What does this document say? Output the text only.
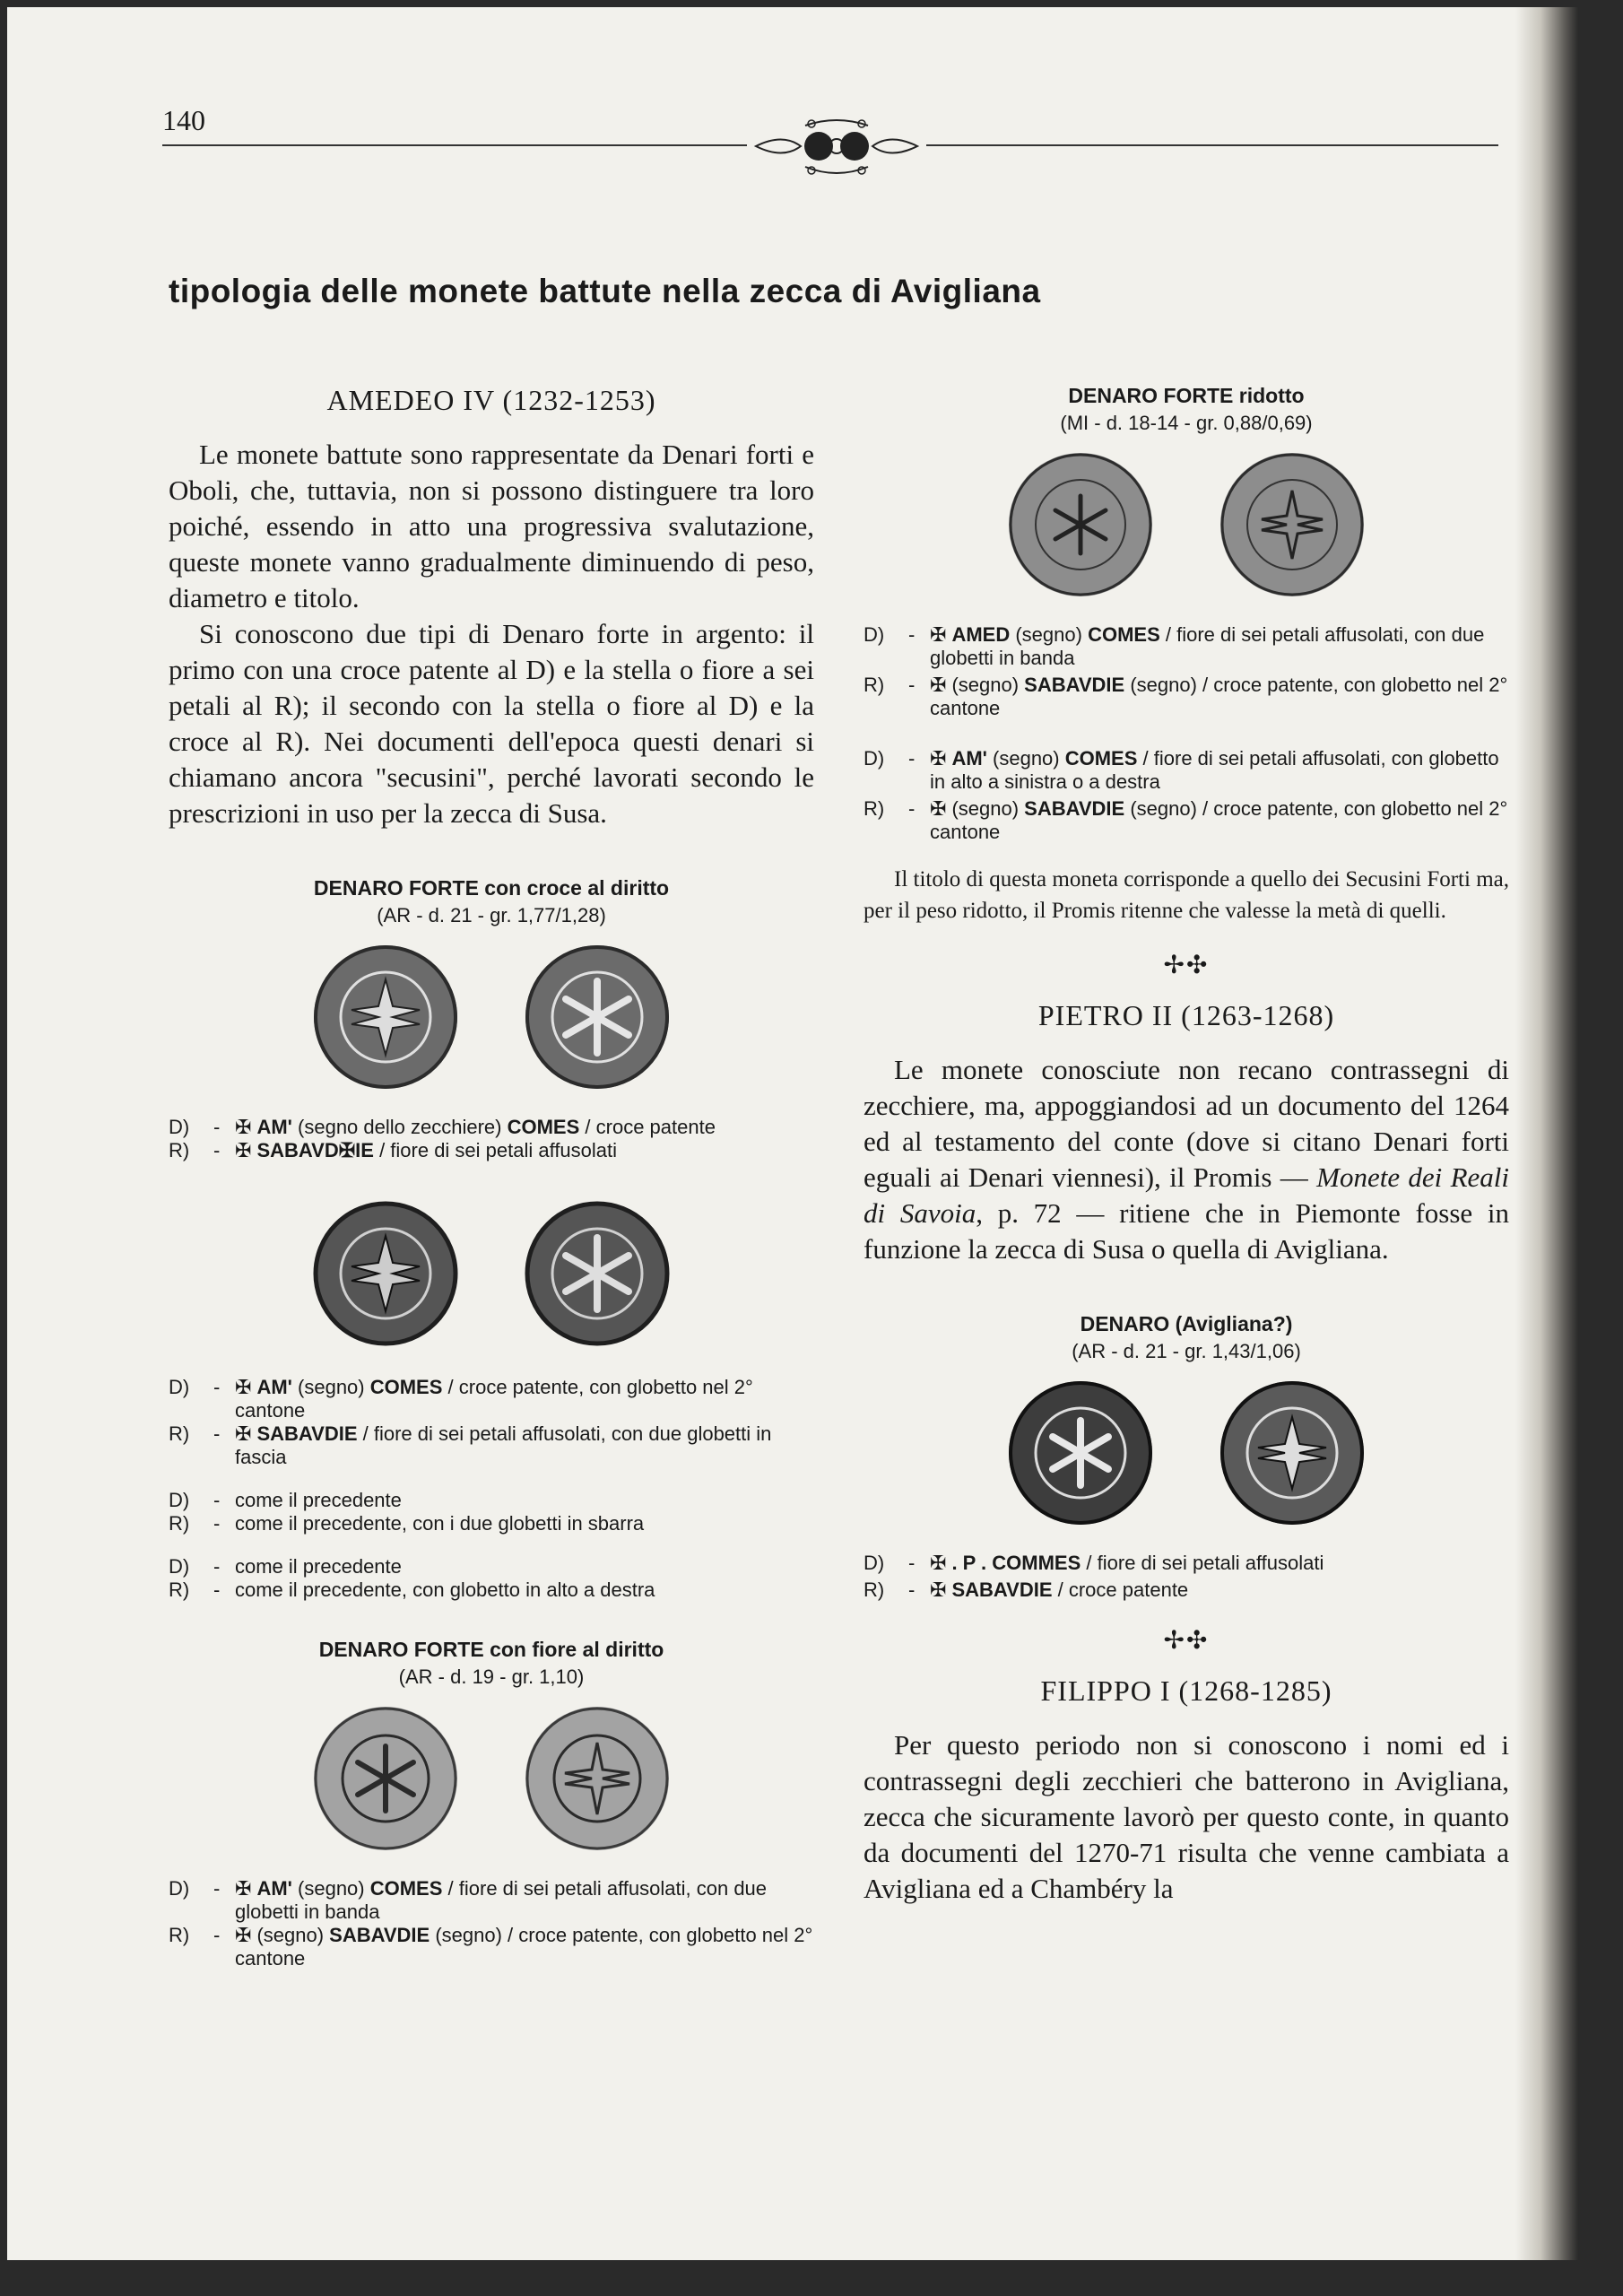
140
tipologia delle monete battute nella zecca di Avigliana

AMEDEO IV (1232-1253)

Le monete battute sono rappresentate da Denari forti e Oboli, che, tuttavia, non si possono distinguere tra loro poiché, essendo in atto una progressiva svalutazione, queste monete vanno gradualmente diminuendo di peso, diametro e titolo.

Si conoscono due tipi di Denaro forte in argento: il primo con una croce patente al D) e la stella o fiore a sei petali al R); il secondo con la stella o fiore al D) e la croce al R). Nei documenti dell'epoca questi denari si chiamano ancora "secusini", perché lavorati secondo le prescrizioni in uso per la zecca di Susa.

DENARO FORTE con croce al diritto

(AR - d. 21 - gr. 1,77/1,28)

D)	- ✠ AM' (segno dello zecchiere) COMES / croce patente
R)	- ✠ SABAVD✠IE / fiore di sei petali affusolati
D)	- ✠ AM' (segno) COMES / croce patente, con globetto nel 2° cantone
R)	- ✠ SABAVDIE / fiore di sei petali affusolati, con due globetti in fascia
D)	- come il precedente
R)	- come il precedente, con i due globetti in sbarra
D)	- come il precedente
R)	- come il precedente, con globetto in alto a destra

DENARO FORTE con fiore al diritto

(AR - d. 19 - gr. 1,10)

D)	- ✠ AM' (segno) COMES / fiore di sei petali affusolati, con due globetti in banda
R)	- ✠ (segno) SABAVDIE (segno) / croce patente, con globetto nel 2° cantone

DENARO FORTE ridotto

(MI - d. 18-14 - gr. 0,88/0,69)

D)	- ✠ AMED (segno) COMES / fiore di sei petali affusolati, con due globetti in banda
R)	- ✠ (segno) SABAVDIE (segno) / croce patente, con globetto nel 2° cantone
D)	- ✠ AM' (segno) COMES / fiore di sei petali affusolati, con globetto in alto a sinistra o a destra
R)	- ✠ (segno) SABAVDIE (segno) / croce patente, con globetto nel 2° cantone

Il titolo di questa moneta corrisponde a quello dei Secusini Forti ma, per il peso ridotto, il Promis ritenne che valesse la metà di quelli.

✢✣

PIETRO II (1263-1268)

Le monete conosciute non recano contrassegni di zecchiere, ma, appoggiandosi ad un documento del 1264 ed al testamento del conte (dove si citano Denari forti eguali ai Denari viennesi), il Promis — Monete dei Reali di Savoia, p. 72 — ritiene che in Piemonte fosse in funzione la zecca di Susa o quella di Avigliana.

DENARO (Avigliana?)

(AR - d. 21 - gr. 1,43/1,06)

D)	- ✠ . P . COMMES / fiore di sei petali affusolati
R)	- ✠ SABAVDIE / croce patente
✢✣

FILIPPO I (1268-1285)

Per questo periodo non si conoscono i nomi ed i contrassegni degli zecchieri che batterono in Avigliana, zecca che sicuramente lavorò per questo conte, in quanto da documenti del 1270-71 risulta che venne cambiata a Avigliana ed a Chambéry la
